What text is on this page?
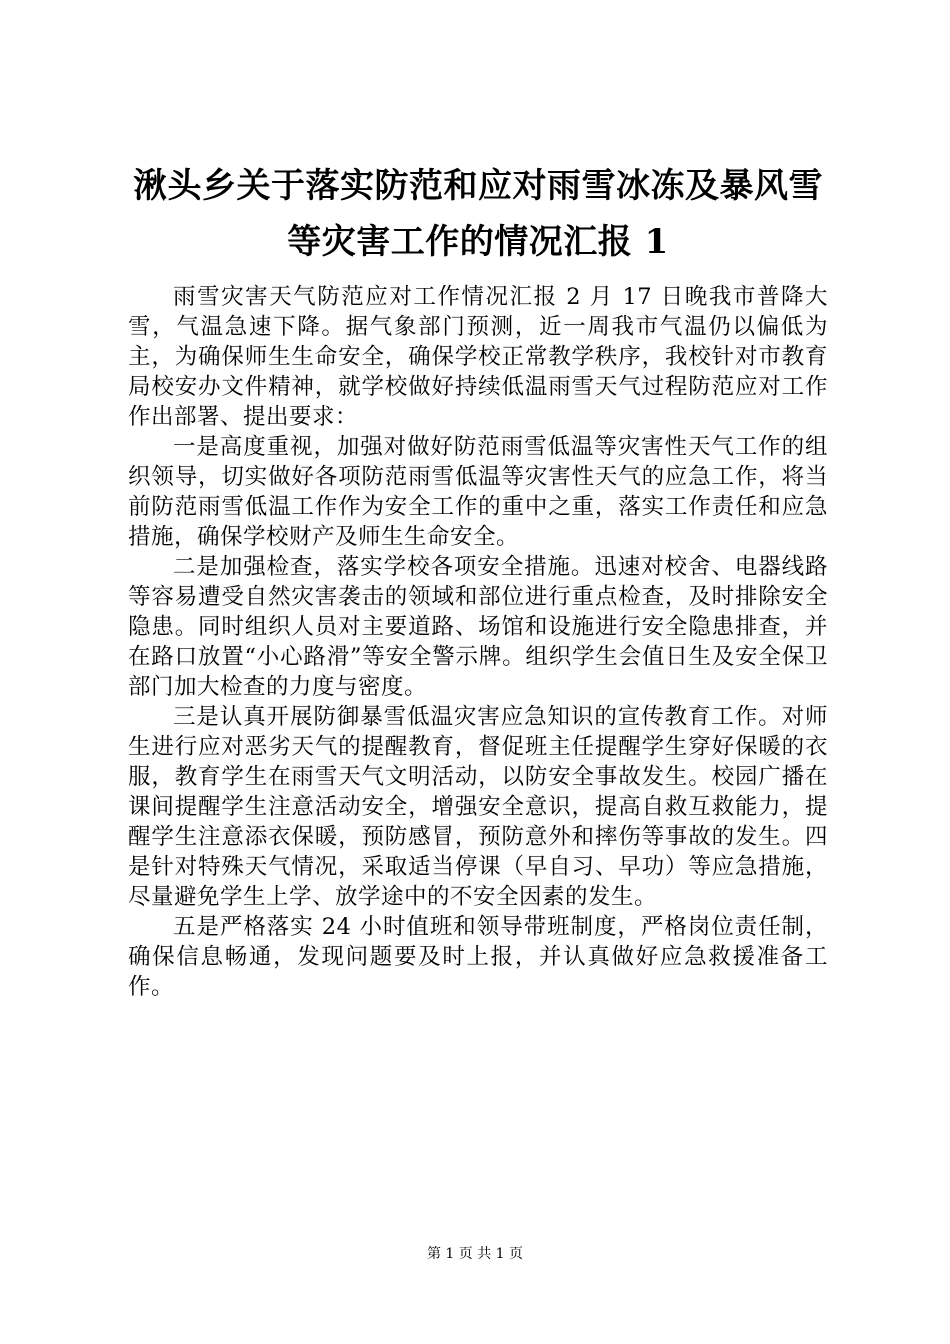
湫头乡关于落实防范和应对雨雪冰冻及暴风雪
等灾害工作的情况汇报 1

雨雪灾害天气防范应对工作情况汇报 2 月 17 日晚我市普降大雪，气温急速下降。据气象部门预测，近一周我市气温仍以偏低为主，为确保师生生命安全，确保学校正常教学秩序，我校针对市教育局校安办文件精神，就学校做好持续低温雨雪天气过程防范应对工作作出部署、提出要求：

一是高度重视，加强对做好防范雨雪低温等灾害性天气工作的组织领导，切实做好各项防范雨雪低温等灾害性天气的应急工作，将当前防范雨雪低温工作作为安全工作的重中之重，落实工作责任和应急措施，确保学校财产及师生生命安全。

二是加强检查，落实学校各项安全措施。迅速对校舍、电器线路等容易遭受自然灾害袭击的领域和部位进行重点检查，及时排除安全隐患。同时组织人员对主要道路、场馆和设施进行安全隐患排查，并在路口放置“小心路滑”等安全警示牌。组织学生会值日生及安全保卫部门加大检查的力度与密度。

三是认真开展防御暴雪低温灾害应急知识的宣传教育工作。对师生进行应对恶劣天气的提醒教育，督促班主任提醒学生穿好保暖的衣服，教育学生在雨雪天气文明活动，以防安全事故发生。校园广播在课间提醒学生注意活动安全，增强安全意识，提高自救互救能力，提醒学生注意添衣保暖，预防感冒，预防意外和摔伤等事故的发生。四是针对特殊天气情况，采取适当停课（早自习、早功）等应急措施，尽量避免学生上学、放学途中的不安全因素的发生。

五是严格落实 24 小时值班和领导带班制度，严格岗位责任制，确保信息畅通，发现问题要及时上报，并认真做好应急救援准备工作。

第 1 页 共 1 页
